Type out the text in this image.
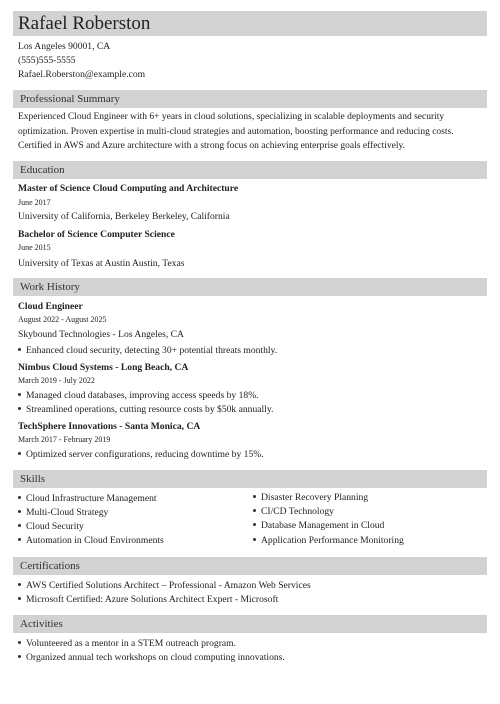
Rafael Roberston
Los Angeles 90001, CA
(555)555-5555
Rafael.Roberston@example.com
Professional Summary
Experienced Cloud Engineer with 6+ years in cloud solutions, specializing in scalable deployments and security optimization. Proven expertise in multi-cloud strategies and automation, boosting performance and reducing costs. Certified in AWS and Azure architecture with a strong focus on achieving enterprise goals effectively.
Education
Master of Science Cloud Computing and Architecture
June 2017
University of California, Berkeley Berkeley, California
Bachelor of Science Computer Science
June 2015
University of Texas at Austin Austin, Texas
Work History
Cloud Engineer
August 2022 - August 2025
Skybound Technologies - Los Angeles, CA
Enhanced cloud security, detecting 30+ potential threats monthly.
Nimbus Cloud Systems - Long Beach, CA
March 2019 - July 2022
Managed cloud databases, improving access speeds by 18%.
Streamlined operations, cutting resource costs by $50k annually.
TechSphere Innovations - Santa Monica, CA
March 2017 - February 2019
Optimized server configurations, reducing downtime by 15%.
Skills
Cloud Infrastructure Management
Multi-Cloud Strategy
Cloud Security
Automation in Cloud Environments
Disaster Recovery Planning
CI/CD Technology
Database Management in Cloud
Application Performance Monitoring
Certifications
AWS Certified Solutions Architect – Professional - Amazon Web Services
Microsoft Certified: Azure Solutions Architect Expert - Microsoft
Activities
Volunteered as a mentor in a STEM outreach program.
Organized annual tech workshops on cloud computing innovations.
